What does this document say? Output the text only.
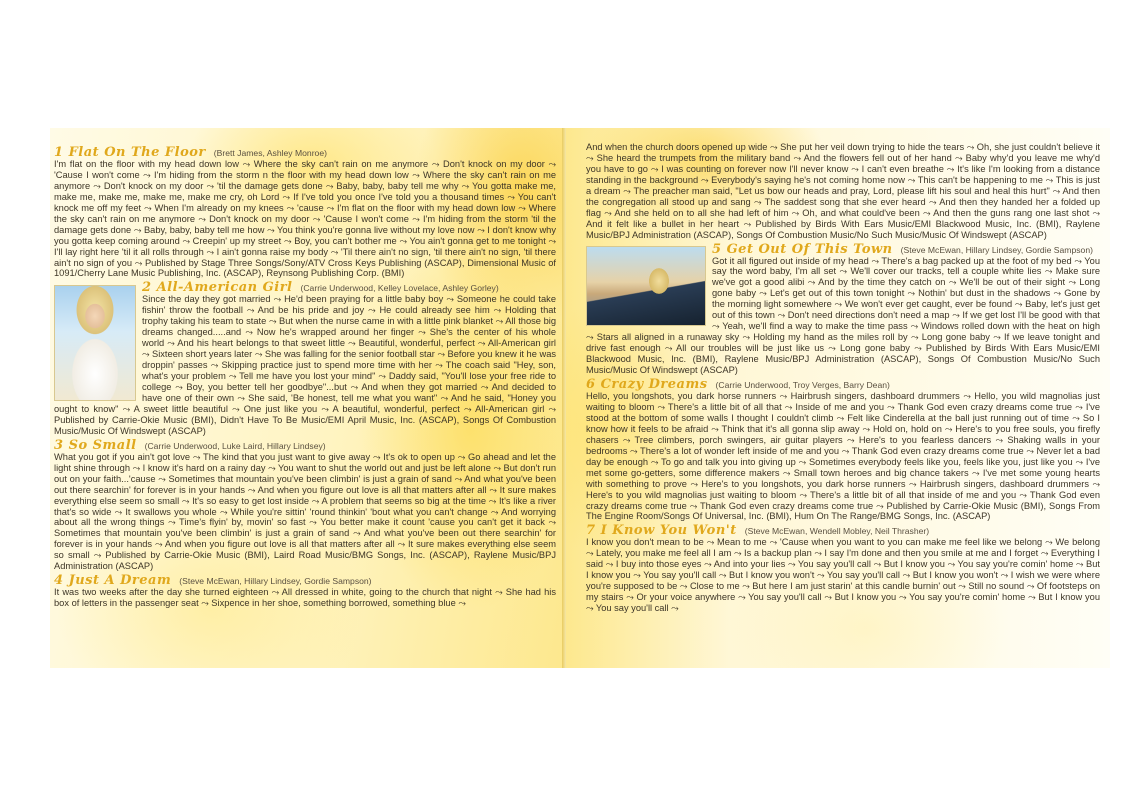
1 Flat On The Floor (Brett James, Ashley Monroe)
I'm flat on the floor with my head down low ⤳ Where the sky can't rain on me anymore ⤳ Don't knock on my door ⤳ 'Cause I won't come ⤳ I'm hiding from the storm n the floor with my head down low ⤳ Where the sky can't rain on me anymore ⤳ Don't knock on my door ⤳ 'til the damage gets done ⤳ Baby, baby, baby tell me why ⤳ You gotta make me, make me, make me, make me, make me cry, oh Lord ⤳ If I've told you once I've told you a thousand times ⤳ You can't knock me off my feet ⤳ When I'm already on my knees ⤳ 'cause ⤳ I'm flat on the floor with my head down low ⤳ Where the sky can't rain on me anymore ⤳ Don't knock on my door ⤳ 'Cause I won't come ⤳ I'm hiding from the storm 'til the damage gets done ⤳ Baby, baby, baby tell me how ⤳ You think you're gonna live without my love now ⤳ I don't know why you gotta keep coming around ⤳ Creepin' up my street ⤳ Boy, you can't bother me ⤳ You ain't gonna get to me tonight ⤳ I'll lay right here 'til it all rolls through ⤳ I ain't gonna raise my body ⤳ 'Til there ain't no sign, 'til there ain't no sign, 'til there ain't no sign of you ⤳ Published by Stage Three Songs/Sony/ATV Cross Keys Publishing (ASCAP), Dimensional Music of 1091/Cherry Lane Music Publishing, Inc. (ASCAP), Reynsong Publishing Corp. (BMI)

2 All-American Girl (Carrie Underwood, Kelley Lovelace, Ashley Gorley)
Since the day they got married ⤳ He'd been praying for a little baby boy ⤳ Someone he could take fishin' throw the football ⤳ And be his pride and joy ⤳ He could already see him ⤳ Holding that trophy taking his team to state ⤳ But when the nurse came in with a little pink blanket ⤳ All those big dreams changed.....and ⤳ Now he's wrapped around her finger ⤳ She's the center of his whole world ⤳ And his heart belongs to that sweet little ⤳ Beautiful, wonderful, perfect ⤳ All-American girl ⤳ Sixteen short years later ⤳ She was falling for the senior football star ⤳ Before you knew it he was droppin' passes ⤳ Skipping practice just to spend more time with her ⤳ The coach said "Hey, son, what's your problem ⤳ Tell me have you lost your mind" ⤳ Daddy said, "You'll lose your free ride to college ⤳ Boy, you better tell her goodbye"...but ⤳ And when they got married ⤳ And decided to have one of their own ⤳ She said, 'Be honest, tell me what you want" ⤳ And he said, "Honey you ought to know" ⤳ A sweet little beautiful ⤳ One just like you ⤳ A beautiful, wonderful, perfect ⤳ All-American girl ⤳ Published by Carrie-Okie Music (BMI), Didn't Have To Be Music/EMI April Music, Inc. (ASCAP), Songs Of Combustion Music/Music Of Windswept (ASCAP)

3 So Small (Carrie Underwood, Luke Laird, Hillary Lindsey)
What you got if you ain't got love ⤳ The kind that you just want to give away ⤳ It's ok to open up ⤳ Go ahead and let the light shine through ⤳ I know it's hard on a rainy day ⤳ You want to shut the world out and just be left alone ⤳ But don't run out on your faith...'cause ⤳ Sometimes that mountain you've been climbin' is just a grain of sand ⤳ And what you've been out there searchin' for forever is in your hands ⤳ And when you figure out love is all that matters after all ⤳ It sure makes everything else seem so small ⤳ It's so easy to get lost inside ⤳ A problem that seems so big at the time ⤳ It's like a river that's so wide ⤳ It swallows you whole ⤳ While you're sittin' 'round thinkin' 'bout what you can't change ⤳ And worrying about all the wrong things ⤳ Time's flyin' by, movin' so fast ⤳ You better make it count 'cause you can't get it back ⤳ Sometimes that mountain you've been climbin' is just a grain of sand ⤳ And what you've been out there searchin' for forever is in your hands ⤳ And when you figure out love is all that matters after all ⤳ It sure makes everything else seem so small ⤳ Published by Carrie-Okie Music (BMI), Laird Road Music/BMG Songs, Inc. (ASCAP), Raylene Music/BPJ Administration (ASCAP)

4 Just A Dream (Steve McEwan, Hillary Lindsey, Gordie Sampson)
It was two weeks after the day she turned eighteen ⤳ All dressed in white, going to the church that night ⤳ She had his box of letters in the passenger seat ⤳ Sixpence in her shoe, something borrowed, something blue ⤳

And when the church doors opened up wide ⤳ She put her veil down trying to hide the tears ⤳ Oh, she just couldn't believe it ⤳ She heard the trumpets from the military band ⤳ And the flowers fell out of her hand ⤳ Baby why'd you leave me why'd you have to go ⤳ I was counting on forever now I'll never know ⤳ I can't even breathe ⤳ It's like I'm looking from a distance standing in the background ⤳ Everybody's saying he's not coming home now ⤳ This can't be happening to me ⤳ This is just a dream ⤳ The preacher man said, "Let us bow our heads and pray, Lord, please lift his soul and heal this hurt" ⤳ And then the congregation all stood up and sang ⤳ The saddest song that she ever heard ⤳ And then they handed her a folded up flag ⤳ And she held on to all she had left of him ⤳ Oh, and what could've been ⤳ And then the guns rang one last shot ⤳ And it felt like a bullet in her heart ⤳ Published by Birds With Ears Music/EMI Blackwood Music, Inc. (BMI), Raylene Music/BPJ Administration (ASCAP), Songs Of Combustion Music/No Such Music/Music Of Windswept (ASCAP)

5 Get Out Of This Town (Steve McEwan, Hillary Lindsey, Gordie Sampson)
Got it all figured out inside of my head ⤳ There's a bag packed up at the foot of my bed ⤳ You say the word baby, I'm all set ⤳ We'll cover our tracks, tell a couple white lies ⤳ Make sure we've got a good alibi ⤳ And by the time they catch on ⤳ We'll be out of their sight ⤳ Long gone baby ⤳ Let's get out of this town tonight ⤳ Nothin' but dust in the shadows ⤳ Gone by the morning light somewhere ⤳ We won't ever get caught, ever be found ⤳ Baby, let's just get out of this town ⤳ Don't need directions don't need a map ⤳ If we get lost I'll be good with that ⤳ Yeah, we'll find a way to make the time pass ⤳ Windows rolled down with the heat on high ⤳ Stars all aligned in a runaway sky ⤳ Holding my hand as the miles roll by ⤳ Long gone baby ⤳ If we leave tonight and drive fast enough ⤳ All our troubles will be just like us ⤳ Long gone baby ⤳ Published by Birds With Ears Music/EMI Blackwood Music, Inc. (BMI), Raylene Music/BPJ Administration (ASCAP), Songs Of Combustion Music/No Such Music/Music Of Windswept (ASCAP)

6 Crazy Dreams (Carrie Underwood, Troy Verges, Barry Dean)
Hello, you longshots, you dark horse runners ⤳ Hairbrush singers, dashboard drummers ⤳ Hello, you wild magnolias just waiting to bloom ⤳ There's a little bit of all that ⤳ Inside of me and you ⤳ Thank God even crazy dreams come true ⤳ I've stood at the bottom of some walls I thought I couldn't climb ⤳ Felt like Cinderella at the ball just running out of time ⤳ So I know how it feels to be afraid ⤳ Think that it's all gonna slip away ⤳ Hold on, hold on ⤳ Here's to you free souls, you firefly chasers ⤳ Tree climbers, porch swingers, air guitar players ⤳ Here's to you fearless dancers ⤳ Shaking walls in your bedrooms ⤳ There's a lot of wonder left inside of me and you ⤳ Thank God even crazy dreams come true ⤳ Never let a bad day be enough ⤳ To go and talk you into giving up ⤳ Sometimes everybody feels like you, feels like you, just like you ⤳ I've met some go-getters, some difference makers ⤳ Small town heroes and big chance takers ⤳ I've met some young hearts with something to prove ⤳ Here's to you longshots, you dark horse runners ⤳ Hairbrush singers, dashboard drummers ⤳ Here's to you wild magnolias just waiting to bloom ⤳ There's a little bit of all that inside of me and you ⤳ Thank God even crazy dreams come true ⤳ Thank God even crazy dreams come true ⤳ Published by Carrie-Okie Music (BMI), Songs From The Engine Room/Songs Of Universal, Inc. (BMI), Hum On The Range/BMG Songs, Inc. (ASCAP)

7 I Know You Won't (Steve McEwan, Wendell Mobley, Neil Thrasher)
I know you don't mean to be ⤳ Mean to me ⤳ 'Cause when you want to you can make me feel like we belong ⤳ We belong ⤳ Lately, you make me feel all I am ⤳ Is a backup plan ⤳ I say I'm done and then you smile at me and I forget ⤳ Everything I said ⤳ I buy into those eyes ⤳ And into your lies ⤳ You say you'll call ⤳ But I know you ⤳ You say you're comin' home ⤳ But I know you ⤳ You say you'll call ⤳ But I know you won't ⤳ You say you'll call ⤳ But I know you won't ⤳ I wish we were where you're supposed to be ⤳ Close to me ⤳ But here I am just starin' at this candle burnin' out ⤳ Still no sound ⤳ Of footsteps on my stairs ⤳ Or your voice anywhere ⤳ You say you'll call ⤳ But I know you ⤳ You say you're comin' home ⤳ But I know you ⤳ You say you'll call ⤳
